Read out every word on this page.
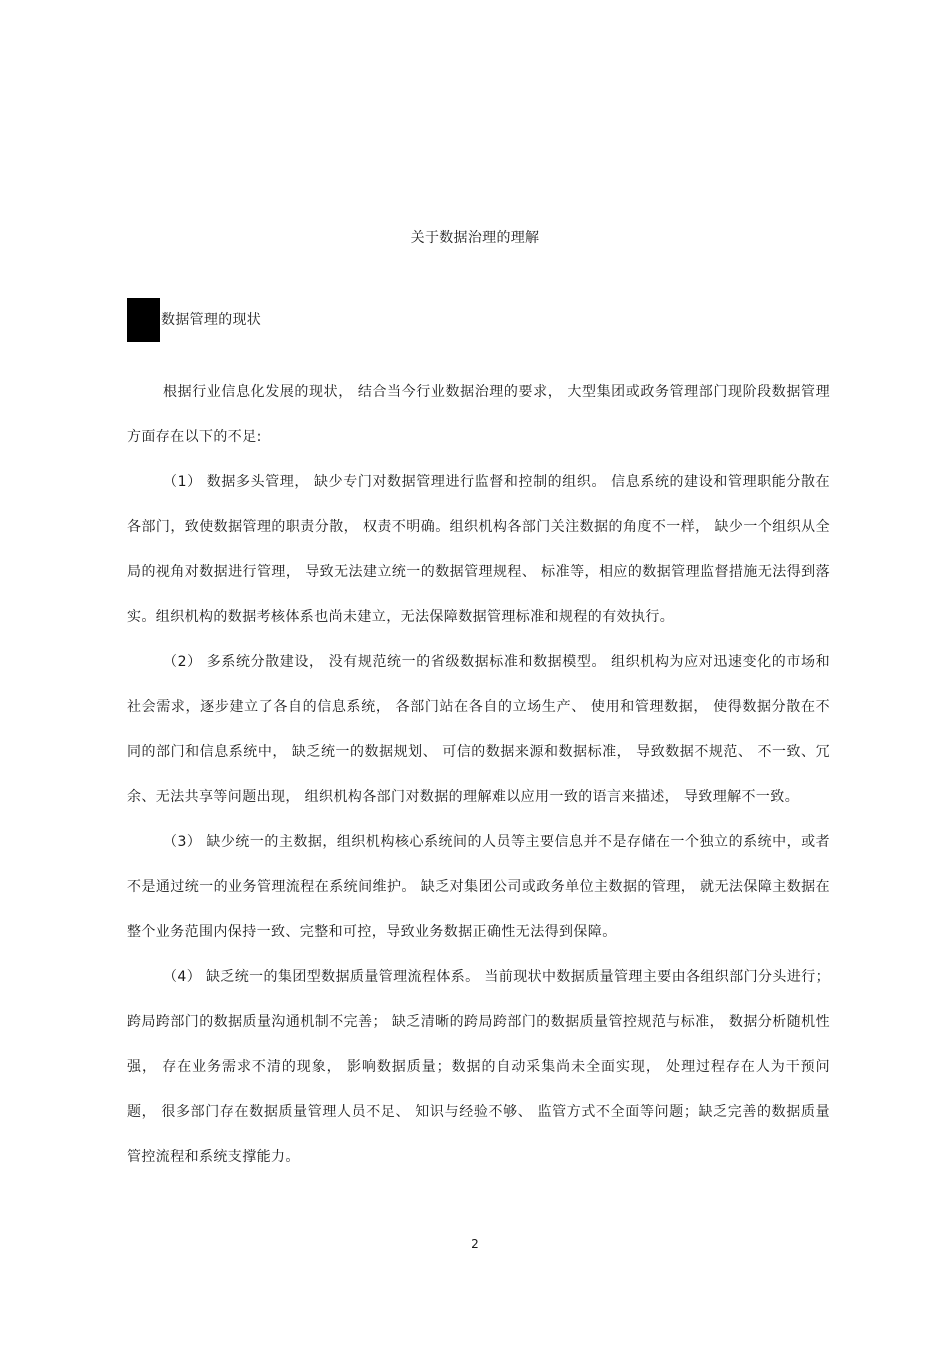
关于数据治理的理解
数据管理的现状

根据行业信息化发展的现状， 结合当今行业数据治理的要求， 大型集团或政务管理部门现阶段数据管理方面存在以下的不足:

（1） 数据多头管理， 缺少专门对数据管理进行监督和控制的组织。 信息系统的建设和管理职能分散在各部门，致使数据管理的职责分散， 权责不明确。组织机构各部门关注数据的角度不一样， 缺少一个组织从全局的视角对数据进行管理， 导致无法建立统一的数据管理规程、 标准等，相应的数据管理监督措施无法得到落实。组织机构的数据考核体系也尚未建立，无法保障数据管理标准和规程的有效执行。

（2） 多系统分散建设， 没有规范统一的省级数据标准和数据模型。 组织机构为应对迅速变化的市场和社会需求，逐步建立了各自的信息系统， 各部门站在各自的立场生产、 使用和管理数据， 使得数据分散在不同的部门和信息系统中， 缺乏统一的数据规划、 可信的数据来源和数据标准， 导致数据不规范、 不一致、冗余、无法共享等问题出现， 组织机构各部门对数据的理解难以应用一致的语言来描述， 导致理解不一致。

（3） 缺少统一的主数据，组织机构核心系统间的人员等主要信息并不是存储在一个独立的系统中，或者不是通过统一的业务管理流程在系统间维护。 缺乏对集团公司或政务单位主数据的管理， 就无法保障主数据在整个业务范围内保持一致、完整和可控，导致业务数据正确性无法得到保障。

（4） 缺乏统一的集团型数据质量管理流程体系。 当前现状中数据质量管理主要由各组织部门分头进行；跨局跨部门的数据质量沟通机制不完善； 缺乏清晰的跨局跨部门的数据质量管控规范与标准， 数据分析随机性强， 存在业务需求不清的现象， 影响数据质量；数据的自动采集尚未全面实现， 处理过程存在人为干预问题， 很多部门存在数据质量管理人员不足、 知识与经验不够、 监管方式不全面等问题；缺乏完善的数据质量管控流程和系统支撑能力。

2
